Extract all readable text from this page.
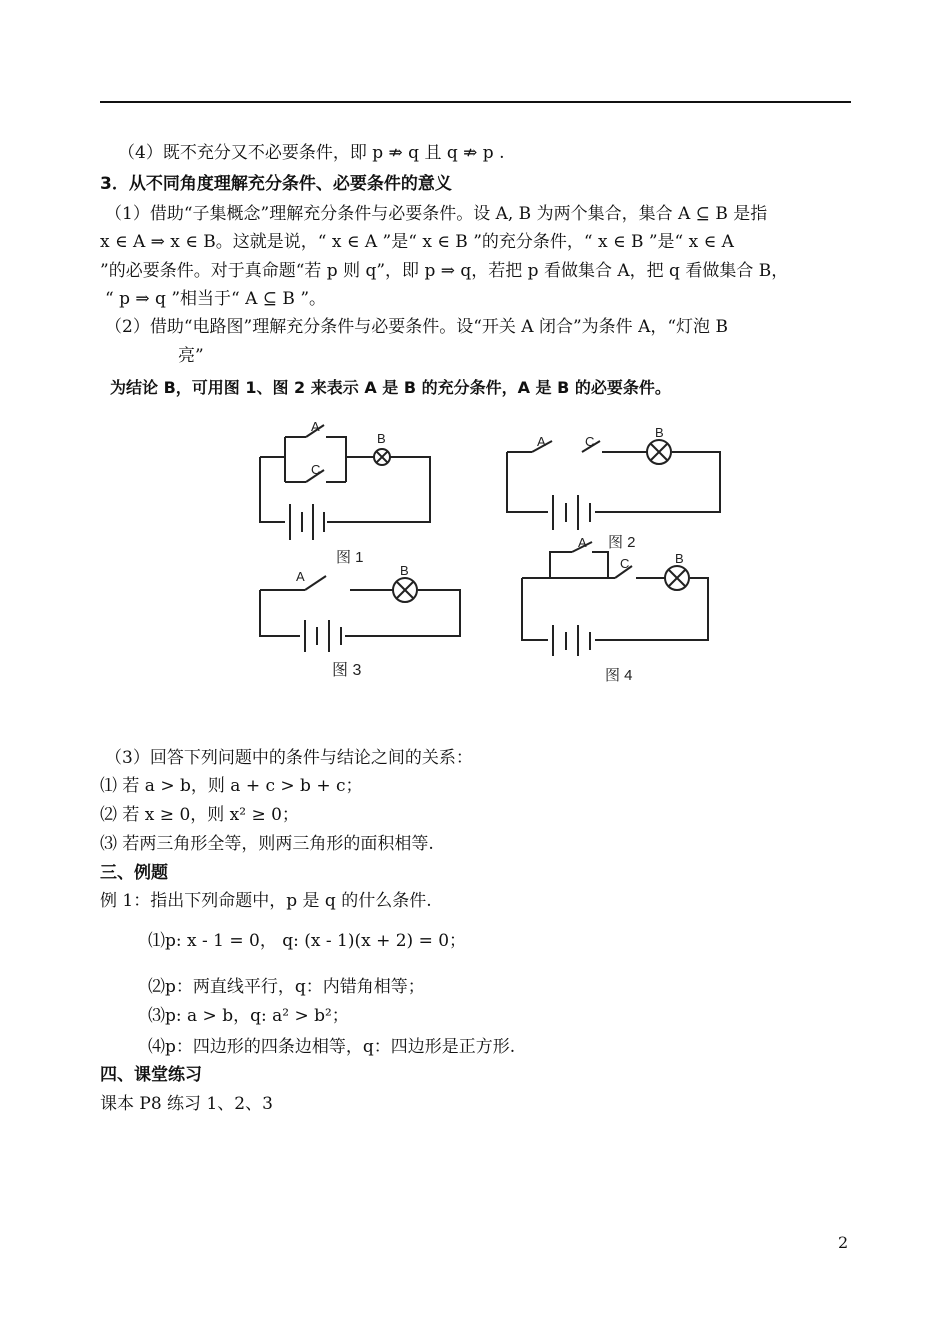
（4）既不充分又不必要条件，即 p ⇏ q 且 q ⇏ p .
3．从不同角度理解充分条件、必要条件的意义
（1）借助“子集概念”理解充分条件与必要条件。设 A, B 为两个集合，集合 A ⊆ B 是指
x ∈ A ⇒ x ∈ B。这就是说，“ x ∈ A ”是“ x ∈ B ”的充分条件，“ x ∈ B ”是“ x ∈ A
”的必要条件。对于真命题“若 p 则 q”，即 p ⇒ q，若把 p 看做集合 A，把 q 看做集合 B，
“ p ⇒ q ”相当于“ A ⊆ B ”。
（2）借助“电路图”理解充分条件与必要条件。设“开关 A 闭合”为条件 A，“灯泡 B
亮”
为结论 B，可用图 1、图 2 来表示 A 是 B 的充分条件，A 是 B 的必要条件。
A
C
B
图 1
A	C
B
图 2
A	B
图 3
A
C	B
图 4
（3）回答下列问题中的条件与结论之间的关系：
⑴ 若 a > b，则 a + c > b + c；
⑵ 若 x ≥ 0，则 x² ≥ 0；
⑶ 若两三角形全等，则两三角形的面积相等.
三、例题
例 1：指出下列命题中，p 是 q 的什么条件.
⑴p: x - 1 = 0， q: (x - 1)(x + 2) = 0；
⑵p：两直线平行，q：内错角相等；
⑶p: a > b，q: a² > b²；
⑷p：四边形的四条边相等，q：四边形是正方形.
四、课堂练习
课本 P8 练习 1、2、3
2
